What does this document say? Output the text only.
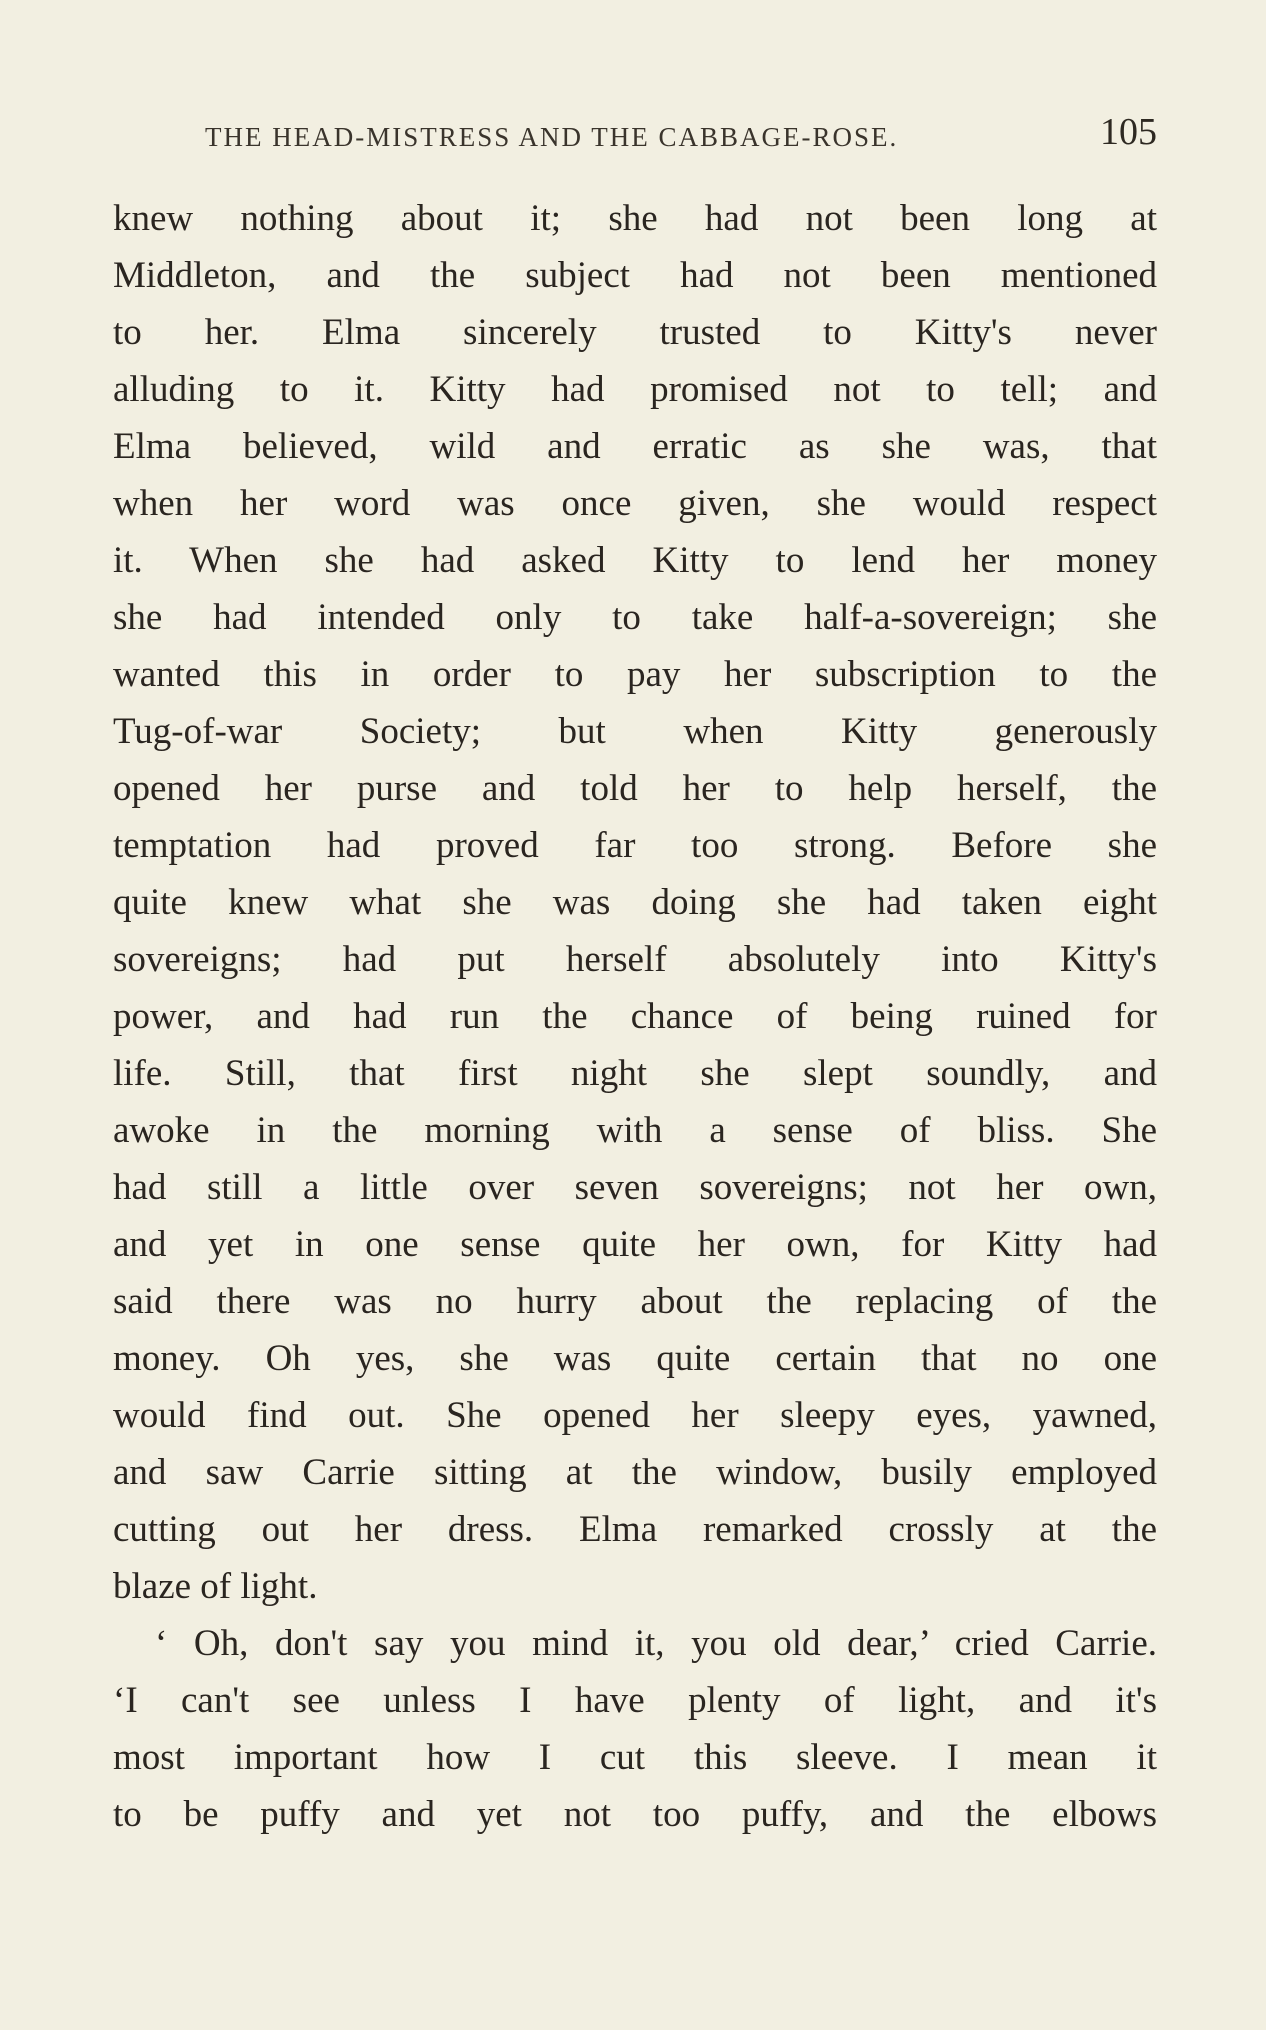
THE HEAD-MISTRESS AND THE CABBAGE-ROSE.	105
knew nothing about it; she had not been long at
Middleton, and the subject had not been mentioned
to her. Elma sincerely trusted to Kitty's never
alluding to it. Kitty had promised not to tell; and
Elma believed, wild and erratic as she was, that
when her word was once given, she would respect
it. When she had asked Kitty to lend her money
she had intended only to take half-a-sovereign; she
wanted this in order to pay her subscription to the
Tug-of-war Society; but when Kitty generously
opened her purse and told her to help herself, the
temptation had proved far too strong. Before she
quite knew what she was doing she had taken eight
sovereigns; had put herself absolutely into Kitty's
power, and had run the chance of being ruined for
life. Still, that first night she slept soundly, and
awoke in the morning with a sense of bliss. She
had still a little over seven sovereigns; not her own,
and yet in one sense quite her own, for Kitty had
said there was no hurry about the replacing of the
money. Oh yes, she was quite certain that no one
would find out. She opened her sleepy eyes, yawned,
and saw Carrie sitting at the window, busily employed
cutting out her dress. Elma remarked crossly at the
blaze of light.
‘ Oh, don't say you mind it, you old dear,’ cried Carrie.
‘I can't see unless I have plenty of light, and it's
most important how I cut this sleeve. I mean it
to be puffy and yet not too puffy, and the elbows
